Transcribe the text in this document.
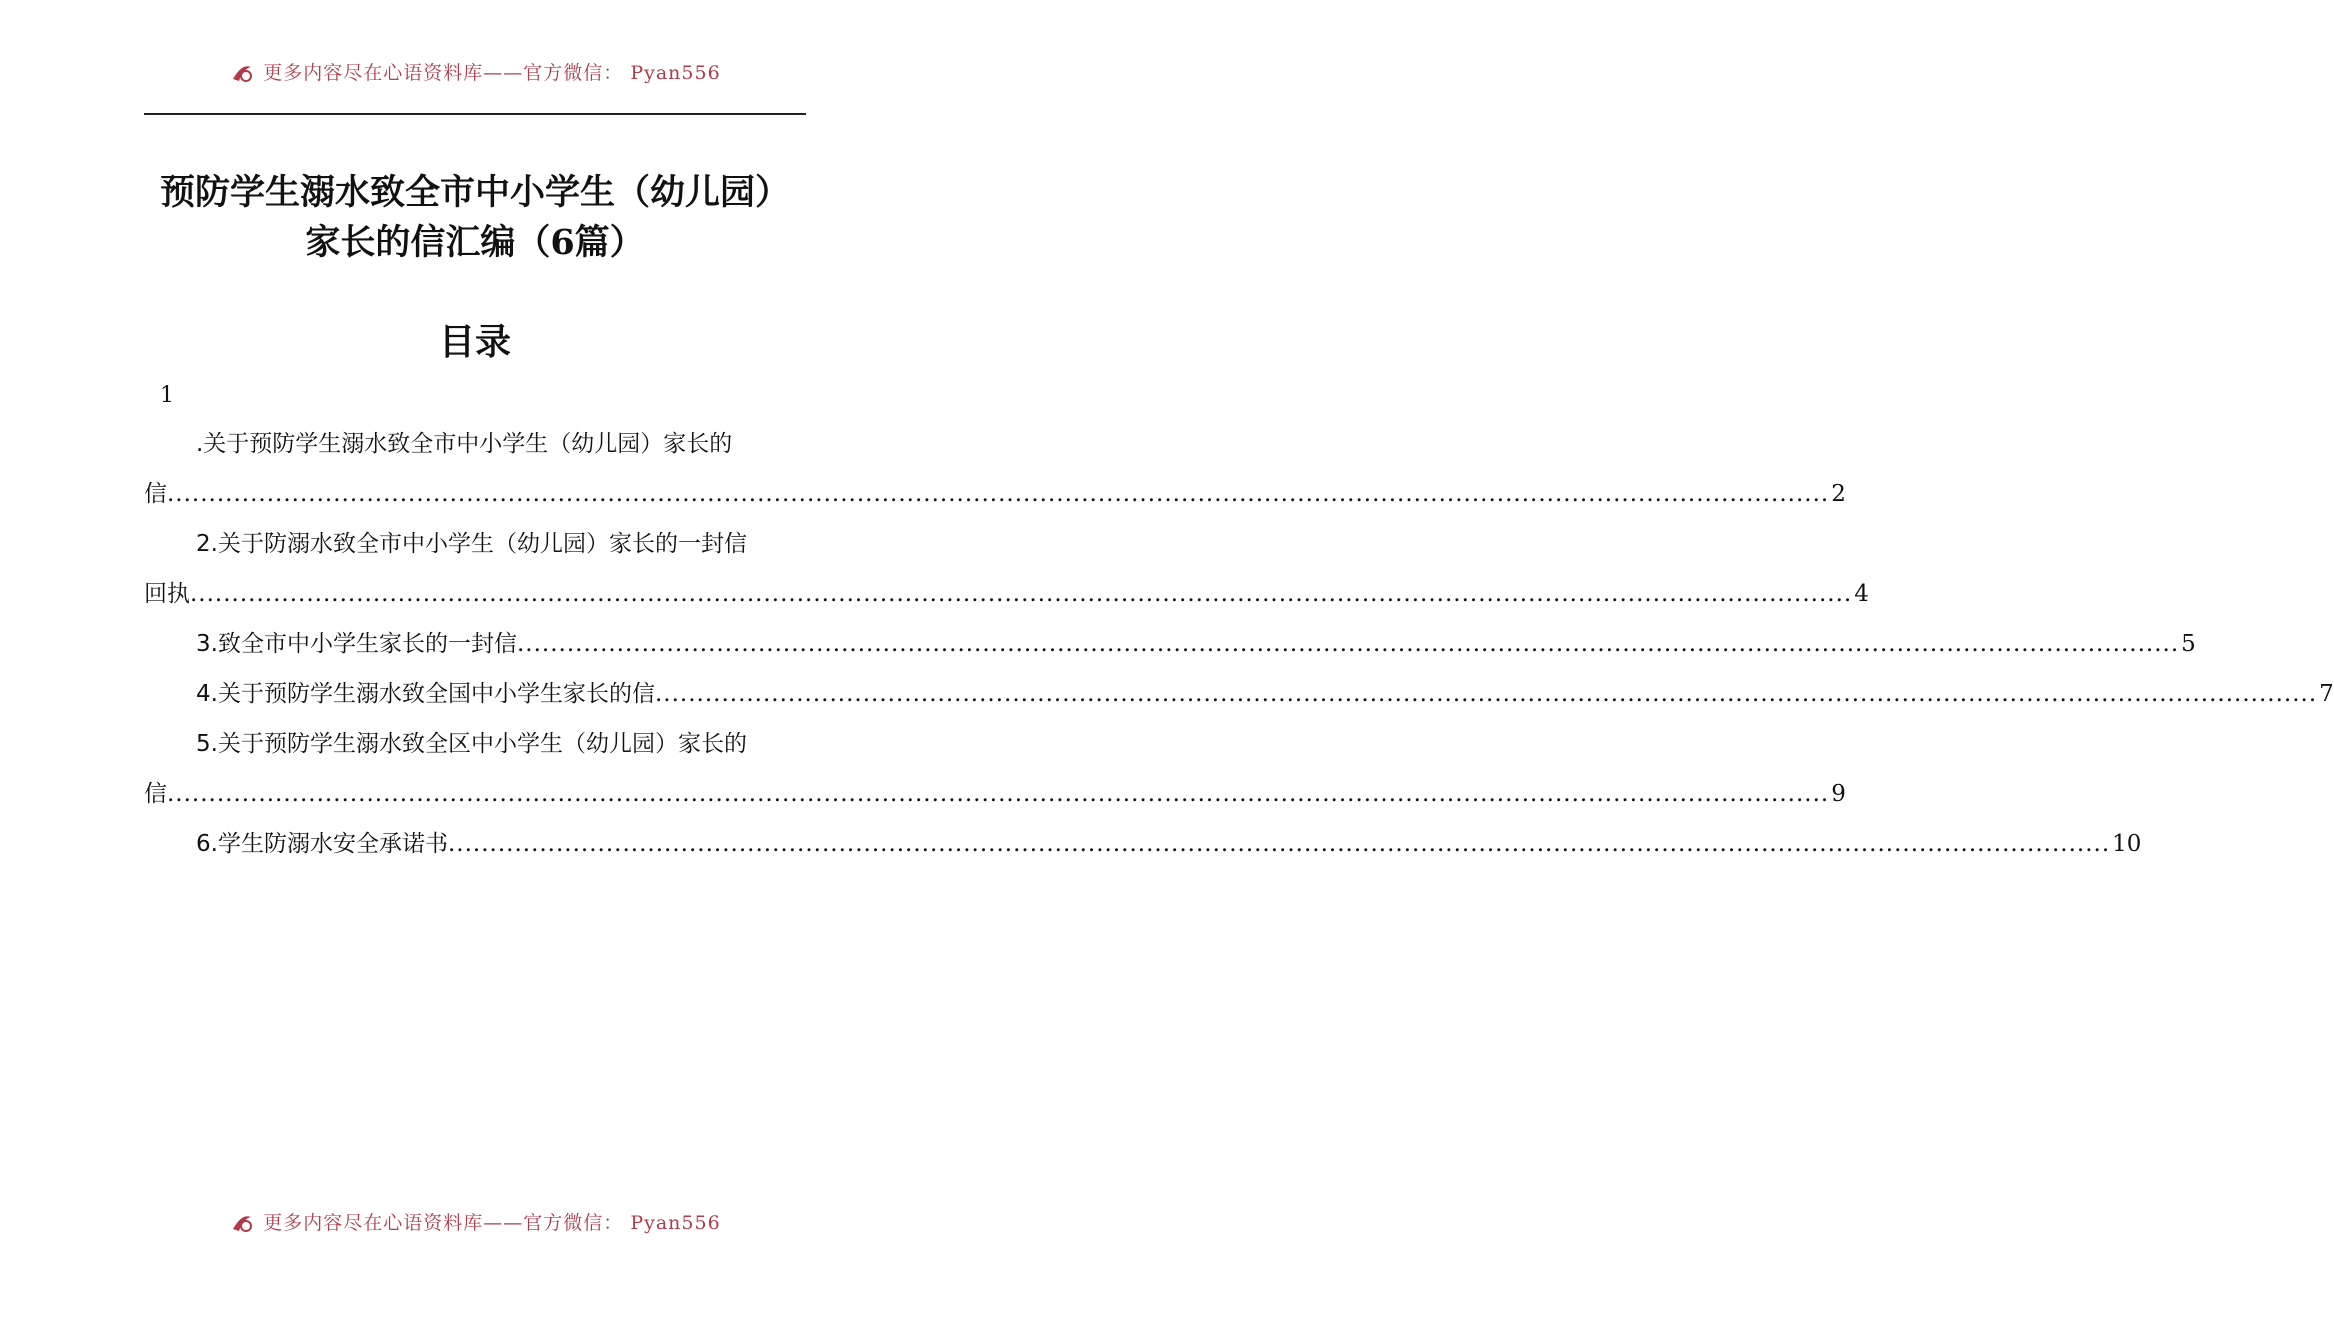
更多内容尽在心语资料库——官方微信： Pyan556
预防学生溺水致全市中小学生（幼儿园）
家长的信汇编（6篇）
目录
1
.关于预防学生溺水致全市中小学生（幼儿园）家长的
信 ........................................................................................................................................................................................................ 2
2.关于防溺水致全市中小学生（幼儿园）家长的一封信
回执 ........................................................................................................................................................................................................ 4
3.致全市中小学生家长的一封信 ........................................................................................................................................................................................................ 5
4.关于预防学生溺水致全国中小学生家长的信 ........................................................................................................................................................................................................ 7
5.关于预防学生溺水致全区中小学生（幼儿园）家长的
信 ........................................................................................................................................................................................................ 9
6.学生防溺水安全承诺书 ........................................................................................................................................................................................................ 10
更多内容尽在心语资料库——官方微信： Pyan556
